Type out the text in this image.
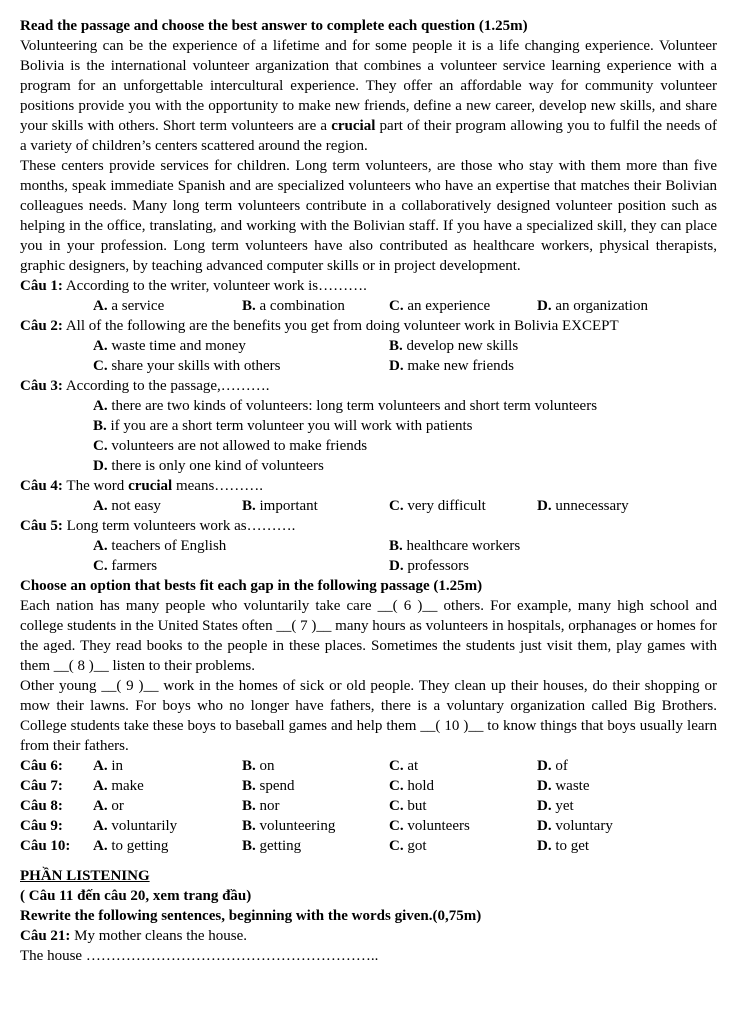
Read the passage and choose the best answer to complete each question (1.25m)

Volunteering can be the experience of a lifetime and for some people it is a life changing experience. Volunteer Bolivia is the international volunteer arganization that combines a volunteer service learning experience with a program for an unforgettable intercultural experience. They offer an affordable way for community volunteer positions provide you with the opportunity to make new friends, define a new career, develop new skills, and share your skills with others. Short term volunteers are a crucial part of their program allowing you to fulfil the needs of a variety of children’s centers scattered around the region.

These centers provide services for children. Long term volunteers, are those who stay with them more than five months, speak immediate Spanish and are specialized volunteers who have an expertise that matches their Bolivian colleagues needs. Many long term volunteers contribute in a collaboratively designed volunteer position such as helping in the office, translating, and working with the Bolivian staff. If you have a specialized skill, they can place you in your profession. Long term volunteers have also contributed as healthcare workers, physical therapists, graphic designers, by teaching advanced computer skills or in project development.

Câu 1: According to the writer, volunteer work is……….
A. a service	B. a combination	C. an experience	D. an organization
Câu 2: All of the following are the benefits you get from doing volunteer work in Bolivia EXCEPT
A. waste time and money	B. develop new skills
C. share your skills with others	D. make new friends
Câu 3: According to the passage,……….
A. there are two kinds of volunteers: long term volunteers and short term volunteers
B. if you are a short term volunteer you will work with patients
C. volunteers are not allowed to make friends
D. there is only one kind of volunteers
Câu 4: The word crucial means……….
A. not easy	B. important	C. very difficult	D. unnecessary
Câu 5: Long term volunteers work as……….
A. teachers of English	B. healthcare workers
C. farmers	D. professors
Choose an option that bests fit each gap in the following passage (1.25m)

Each nation has many people who voluntarily take care __( 6 )__ others. For example, many high school and college students in the United States often __( 7 )__ many hours as volunteers in hospitals, orphanages or homes for the aged. They read books to the people in these places. Sometimes the students just visit them, play games with them __( 8 )__ listen to their problems.

Other young __( 9 )__ work in the homes of sick or old people. They clean up their houses, do their shopping or mow their lawns. For boys who no longer have fathers, there is a voluntary organization called Big Brothers. College students take these boys to baseball games and help them __( 10 )__ to know things that boys usually learn from their fathers.

Câu 6: A. in	B. on	C. at	D. of
Câu 7: A. make	B. spend	C. hold	D. waste
Câu 8: A. or	B. nor	C. but	D. yet
Câu 9: A. voluntarily	B. volunteering	C. volunteers	D. voluntary
Câu 10: A. to getting	B. getting	C. got	D. to get
PHẦN LISTENING
( Câu 11 đến câu 20, xem trang đầu)
Rewrite the following sentences, beginning with the words given.(0,75m)
Câu 21: My mother cleans the house.
The house …………………………………………………..
